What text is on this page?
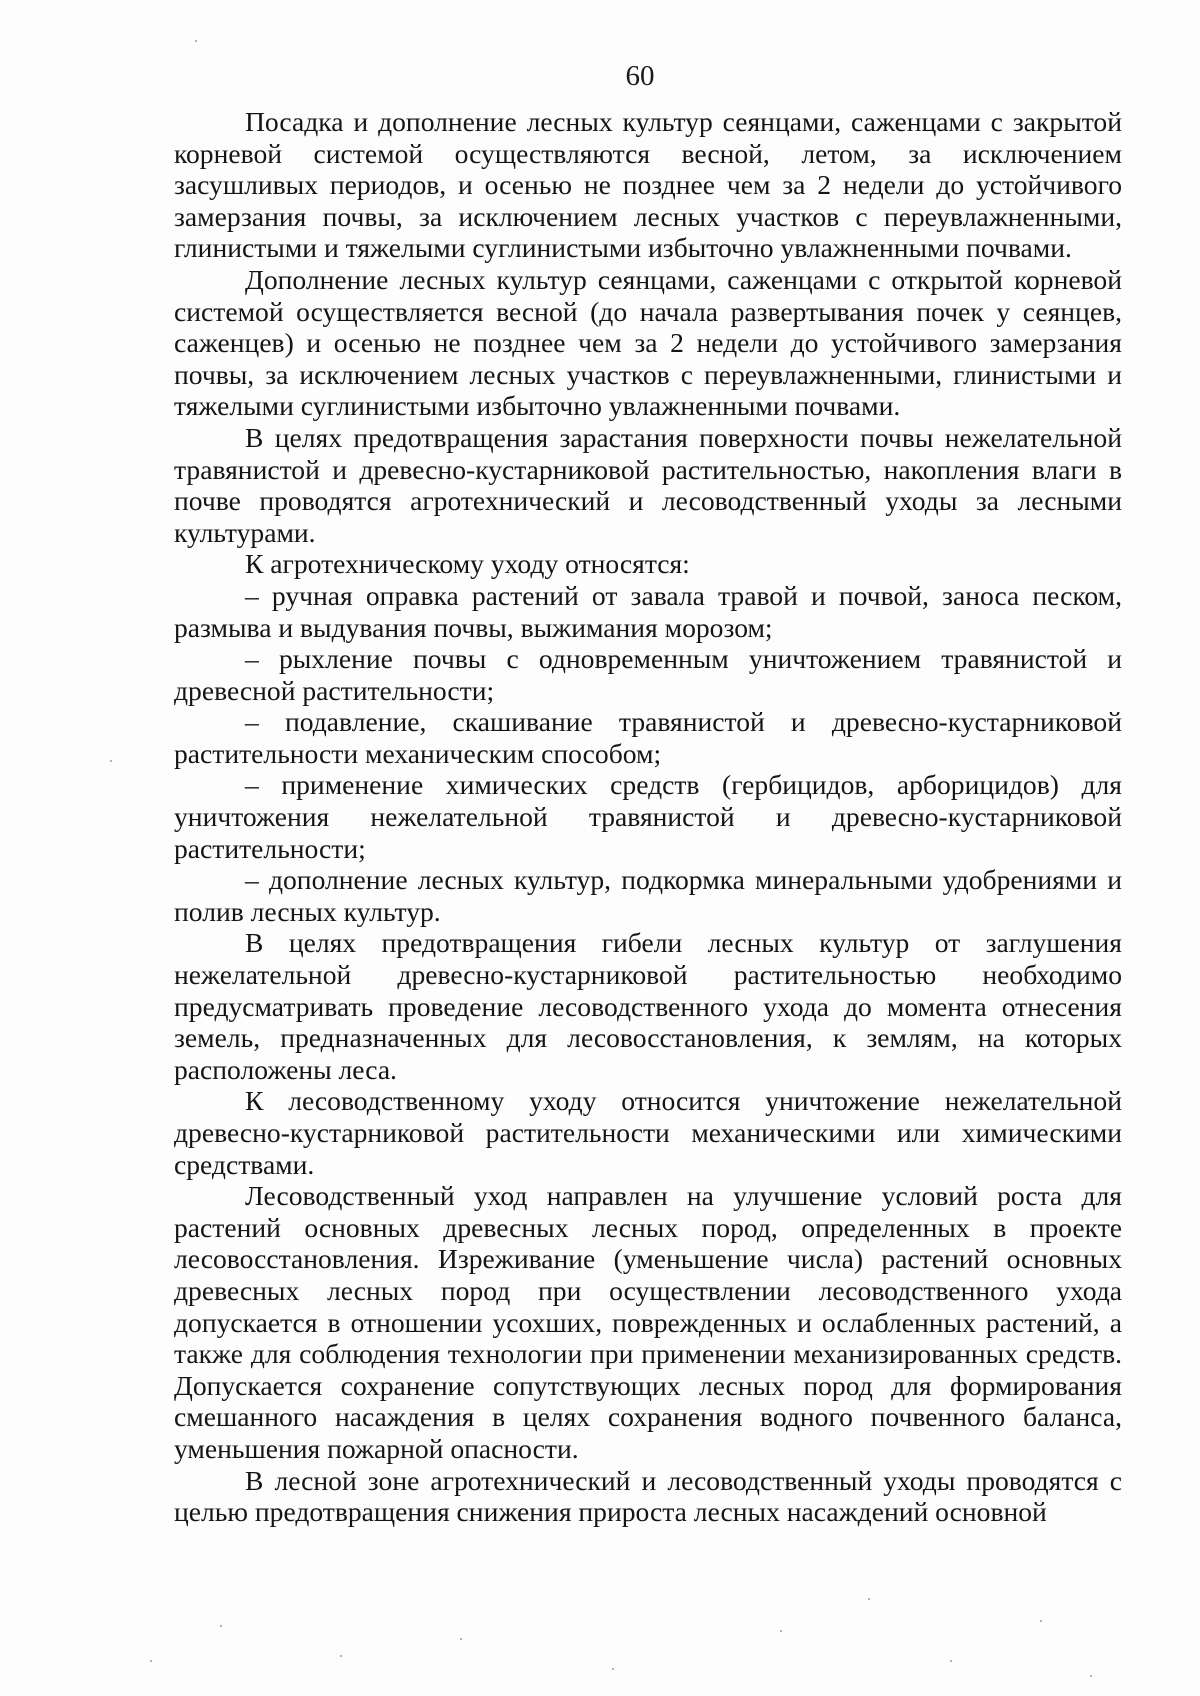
60

Посадка и дополнение лесных культур сеянцами, саженцами с закрытой корневой системой осуществляются весной, летом, за исключением засушливых периодов, и осенью не позднее чем за 2 недели до устойчивого замерзания почвы, за исключением лесных участков с переувлажненными, глинистыми и тяжелыми суглинистыми избыточно увлажненными почвами.

Дополнение лесных культур сеянцами, саженцами с открытой корневой системой осуществляется весной (до начала развертывания почек у сеянцев, саженцев) и осенью не позднее чем за 2 недели до устойчивого замерзания почвы, за исключением лесных участков с переувлажненными, глинистыми и тяжелыми суглинистыми избыточно увлажненными почвами.

В целях предотвращения зарастания поверхности почвы нежелательной травянистой и древесно-кустарниковой растительностью, накопления влаги в почве проводятся агротехнический и лесоводственный уходы за лесными культурами.

К агротехническому уходу относятся:

– ручная оправка растений от завала травой и почвой, заноса песком, размыва и выдувания почвы, выжимания морозом;

– рыхление почвы с одновременным уничтожением травянистой и древесной растительности;

– подавление, скашивание травянистой и древесно-кустарниковой растительности механическим способом;

– применение химических средств (гербицидов, арборицидов) для уничтожения нежелательной травянистой и древесно-кустарниковой растительности;

– дополнение лесных культур, подкормка минеральными удобрениями и полив лесных культур.

В целях предотвращения гибели лесных культур от заглушения нежелательной древесно-кустарниковой растительностью необходимо предусматривать проведение лесоводственного ухода до момента отнесения земель, предназначенных для лесовосстановления, к землям, на которых расположены леса.

К лесоводственному уходу относится уничтожение нежелательной древесно-кустарниковой растительности механическими или химическими средствами.

Лесоводственный уход направлен на улучшение условий роста для растений основных древесных лесных пород, определенных в проекте лесовосстановления. Изреживание (уменьшение числа) растений основных древесных лесных пород при осуществлении лесоводственного ухода допускается в отношении усохших, поврежденных и ослабленных растений, а также для соблюдения технологии при применении механизированных средств. Допускается сохранение сопутствующих лесных пород для формирования смешанного насаждения в целях сохранения водного почвенного баланса, уменьшения пожарной опасности.

В лесной зоне агротехнический и лесоводственный уходы проводятся с целью предотвращения снижения прироста лесных насаждений основной
